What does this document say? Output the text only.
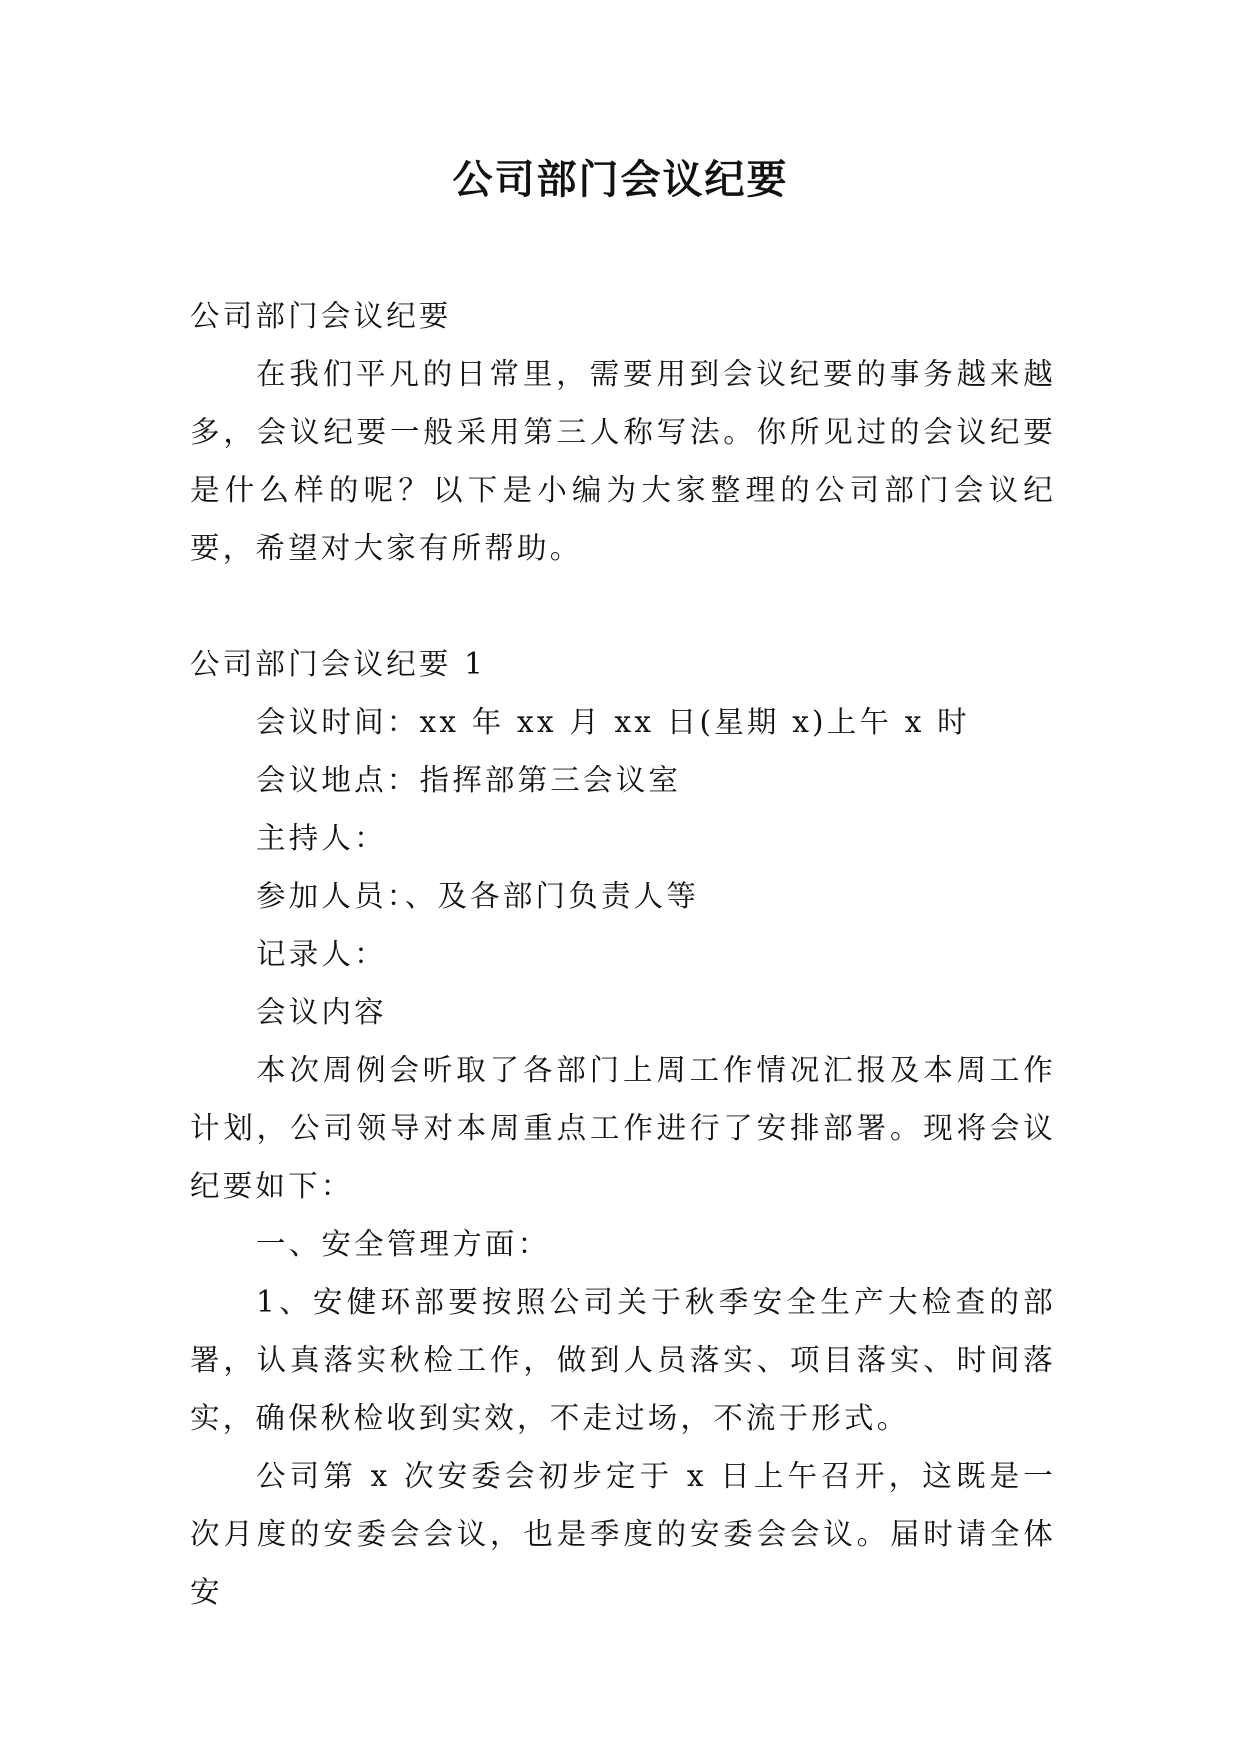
公司部门会议纪要

公司部门会议纪要

在我们平凡的日常里，需要用到会议纪要的事务越来越多，会议纪要一般采用第三人称写法。你所见过的会议纪要是什么样的呢？以下是小编为大家整理的公司部门会议纪要，希望对大家有所帮助。

公司部门会议纪要 1

会议时间：xx 年 xx 月 xx 日(星期 x)上午 x 时

会议地点：指挥部第三会议室

主持人：

参加人员：、及各部门负责人等

记录人：

会议内容

本次周例会听取了各部门上周工作情况汇报及本周工作计划，公司领导对本周重点工作进行了安排部署。现将会议纪要如下：

一、安全管理方面：

1、安健环部要按照公司关于秋季安全生产大检查的部署，认真落实秋检工作，做到人员落实、项目落实、时间落实，确保秋检收到实效，不走过场，不流于形式。

公司第 x 次安委会初步定于 x 日上午召开，这既是一次月度的安委会会议，也是季度的安委会会议。届时请全体安
